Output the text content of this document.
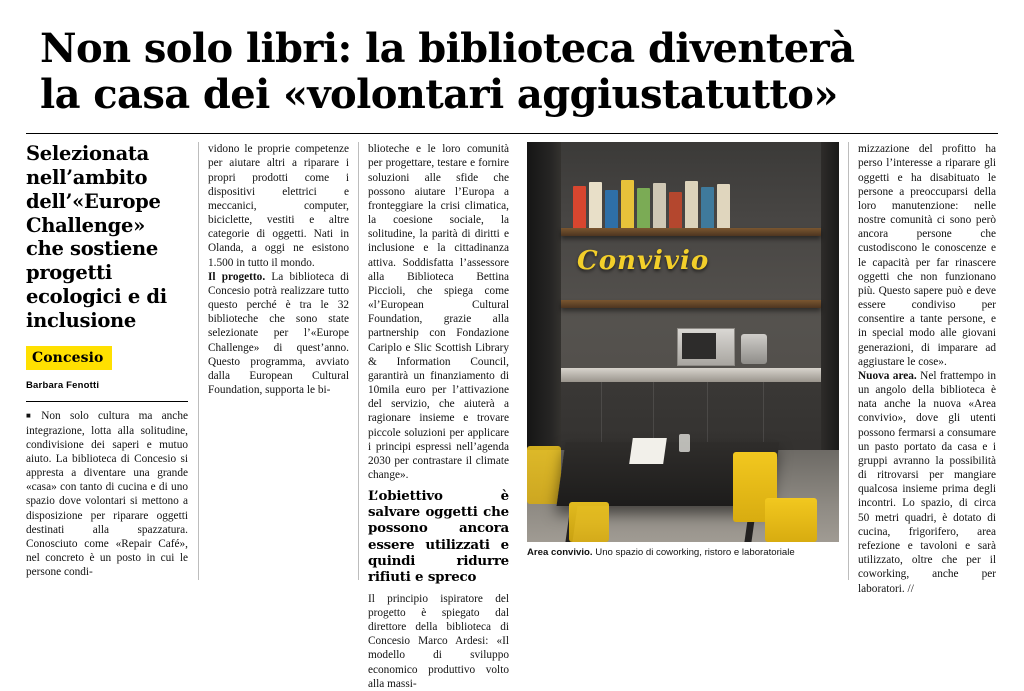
Non solo libri: la biblioteca diventerà
la casa dei «volontari aggiustatutto»
Selezionata nell’ambito dell’«Europe Challenge» che sostiene progetti ecologici e di inclusione
Concesio
Barbara Fenotti

■ Non solo cultura ma anche integrazione, lotta alla solitudine, condivisione dei saperi e mutuo aiuto. La biblioteca di Concesio si appresta a diventare una grande «casa» con tanto di cucina e di uno spazio dove volontari si mettono a disposizione per riparare oggetti destinati alla spazzatura. Conosciuto come «Repair Café», nel concreto è un posto in cui le persone condi-

vidono le proprie competenze per aiutare altri a riparare i propri prodotti come i dispositivi elettrici e meccanici, computer, biciclette, vestiti e altre categorie di oggetti. Nati in Olanda, a oggi ne esistono 1.500 in tutto il mondo.

Il progetto. La biblioteca di Concesio potrà realizzare tutto questo perché è tra le 32 biblioteche che sono state selezionate per l’«Europe Challenge» di quest’anno. Questo programma, avviato dalla European Cultural Foundation, supporta le bi-

blioteche e le loro comunità per progettare, testare e fornire soluzioni alle sfide che possono aiutare l’Europa a fronteggiare la crisi climatica, la coesione sociale, la solitudine, la parità di diritti e inclusione e la cittadinanza attiva. Soddisfatta l’assessore alla Biblioteca Bettina Piccioli, che spiega come «l’European Cultural Foundation, grazie alla partnership con Fondazione Cariplo e Slic Scottish Library & Information Council, garantirà un finanziamento di 10mila euro per l’attivazione del servizio, che aiuterà a ragionare insieme e trovare piccole soluzioni per applicare i principi espressi nell’agenda 2030 per contrastare il climate change».

L’obiettivo è salvare oggetti che possono ancora essere utilizzati e quindi ridurre rifiuti e spreco

Il principio ispiratore del progetto è spiegato dal direttore della biblioteca di Concesio Marco Ardesi: «Il modello di sviluppo economico produttivo volto alla massi-

Convivio
Area convivio. Uno spazio di coworking, ristoro e laboratoriale

mizzazione del profitto ha perso l’interesse a riparare gli oggetti e ha disabituato le persone a preoccuparsi della loro manutenzione: nelle nostre comunità ci sono però ancora persone che custodiscono le conoscenze e le capacità per far rinascere oggetti che non funzionano più. Questo sapere può e deve essere condiviso per consentire a tante persone, e in special modo alle giovani generazioni, di imparare ad aggiustare le cose».

Nuova area. Nel frattempo in un angolo della biblioteca è nata anche la nuova «Area convivio», dove gli utenti possono fermarsi a consumare un pasto portato da casa e i gruppi avranno la possibilità di ritrovarsi per mangiare qualcosa insieme prima degli incontri. Lo spazio, di circa 50 metri quadri, è dotato di cucina, frigorifero, area refezione e tavoloni e sarà utilizzato, oltre che per il coworking, anche per laboratori. //
